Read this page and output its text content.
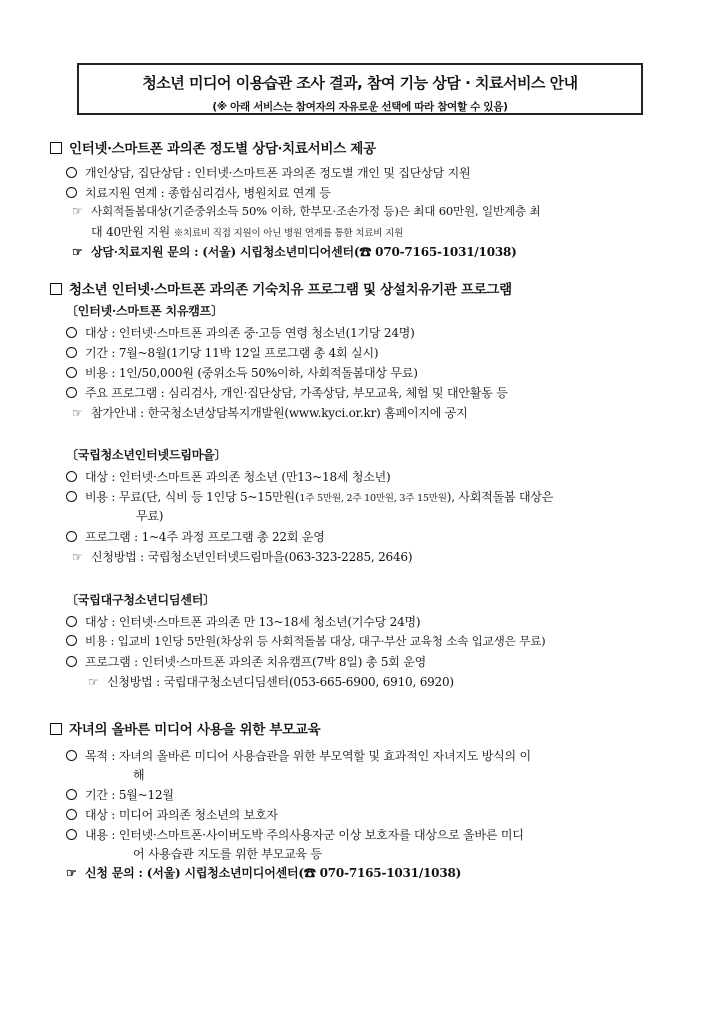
청소년 미디어 이용습관 조사 결과, 참여 기능 상담 · 치료서비스 안내
(※ 아래 서비스는 참여자의 자유로운 선택에 따라 참여할 수 있음)
인터넷·스마트폰 과의존 정도별 상담·치료서비스 제공
개인상담, 집단상담 : 인터넷·스마트폰 과의존 정도별 개인 및 집단상담 지원
치료지원 연계 : 종합심리검사, 병원치료 연계 등
☞ 사회적돌봄대상(기준중위소득 50% 이하, 한부모·조손가정 등)은 최대 60만원, 일반계층 최
대 40만원 지원 ※치료비 직접 지원이 아닌 병원 연계를 통한 치료비 지원
☞ 상담·치료지원 문의 : (서울) 시립청소년미디어센터(☎ 070-7165-1031/1038)
청소년 인터넷·스마트폰 과의존 기숙치유 프로그램 및 상설치유기관 프로그램
〔인터넷·스마트폰 치유캠프〕
대상 : 인터넷·스마트폰 과의존 중·고등 연령 청소년(1기당 24명)
기간 : 7월~8월(1기당 11박 12일 프로그램 총 4회 실시)
비용 : 1인/50,000원 (중위소득 50%이하, 사회적돌봄대상 무료)
주요 프로그램 : 심리검사, 개인·집단상담, 가족상담, 부모교육, 체험 및 대안활동 등
☞ 참가안내 : 한국청소년상담복지개발원(www.kyci.or.kr) 홈페이지에 공지
〔국립청소년인터넷드림마을〕
대상 : 인터넷·스마트폰 과의존 청소년 (만13~18세 청소년)
비용 : 무료(단, 식비 등 1인당 5~15만원(1주 5만원, 2주 10만원, 3주 15만원), 사회적돌봄 대상은
무료)
프로그램 : 1~4주 과정 프로그램 총 22회 운영
☞ 신청방법 : 국립청소년인터넷드림마을(063-323-2285, 2646)
〔국립대구청소년디딤센터〕
대상 : 인터넷·스마트폰 과의존 만 13~18세 청소년(기수당 24명)
비용 : 입교비 1인당 5만원(차상위 등 사회적돌봄 대상, 대구·부산 교육청 소속 입교생은 무료)
프로그램 : 인터넷·스마트폰 과의존 치유캠프(7박 8일) 총 5회 운영
☞ 신청방법 : 국립대구청소년디딤센터(053-665-6900, 6910, 6920)
자녀의 올바른 미디어 사용을 위한 부모교육
목적 : 자녀의 올바른 미디어 사용습관을 위한 부모역할 및 효과적인 자녀지도 방식의 이
해
기간 : 5월~12월
대상 : 미디어 과의존 청소년의 보호자
내용 : 인터넷·스마트폰·사이버도박 주의사용자군 이상 보호자를 대상으로 올바른 미디
어 사용습관 지도를 위한 부모교육 등
☞ 신청 문의 : (서울) 시립청소년미디어센터(☎ 070-7165-1031/1038)
